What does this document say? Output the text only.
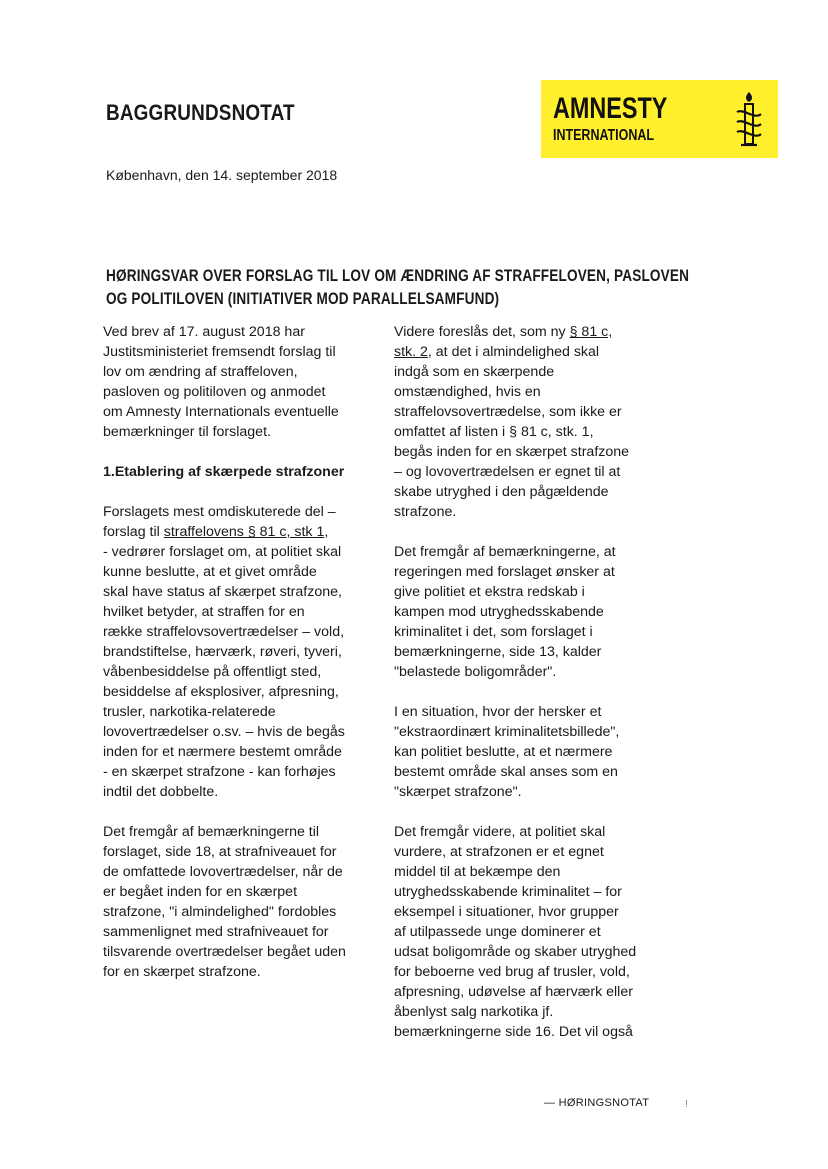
BAGGRUNDSNOTAT	AMNESTY
INTERNATIONAL
København, den 14. september 2018
HØRINGSVAR OVER FORSLAG TIL LOV OM ÆNDRING AF STRAFFELOVEN, PASLOVEN
OG POLITILOVEN (INITIATIVER MOD PARALLELSAMFUND)

Ved brev af 17. august 2018 har
Justitsministeriet fremsendt forslag til
lov om ændring af straffeloven,
pasloven og politiloven og anmodet
om Amnesty Internationals eventuelle
bemærkninger til forslaget.

1.Etablering af skærpede strafzoner

Forslagets mest omdiskuterede del –
forslag til straffelovens § 81 c, stk 1,
- vedrører forslaget om, at politiet skal
kunne beslutte, at et givet område
skal have status af skærpet strafzone,
hvilket betyder, at straffen for en
række straffelovsovertrædelser – vold,
brandstiftelse, hærværk, røveri, tyveri,
våbenbesiddelse på offentligt sted,
besiddelse af eksplosiver, afpresning,
trusler, narkotika-relaterede
lovovertrædelser o.sv. – hvis de begås
inden for et nærmere bestemt område
- en skærpet strafzone - kan forhøjes
indtil det dobbelte.

Det fremgår af bemærkningerne til
forslaget, side 18, at strafniveauet for
de omfattede lovovertrædelser, når de
er begået inden for en skærpet
strafzone, "i almindelighed" fordobles
sammenlignet med strafniveauet for
tilsvarende overtrædelser begået uden
for en skærpet strafzone.

Videre foreslås det, som ny § 81 c,
stk. 2, at det i almindelighed skal
indgå som en skærpende
omstændighed, hvis en
straffelovsovertrædelse, som ikke er
omfattet af listen i § 81 c, stk. 1,
begås inden for en skærpet strafzone
– og lovovertrædelsen er egnet til at
skabe utryghed i den pågældende
strafzone.

Det fremgår af bemærkningerne, at
regeringen med forslaget ønsker at
give politiet et ekstra redskab i
kampen mod utryghedsskabende
kriminalitet i det, som forslaget i
bemærkningerne, side 13, kalder
"belastede boligområder".

I en situation, hvor der hersker et
"ekstraordinært kriminalitetsbillede",
kan politiet beslutte, at et nærmere
bestemt område skal anses som en
"skærpet strafzone".

Det fremgår videre, at politiet skal
vurdere, at strafzonen er et egnet
middel til at bekæmpe den
utryghedsskabende kriminalitet – for
eksempel i situationer, hvor grupper
af utilpassede unge dominerer et
udsat boligområde og skaber utryghed
for beboerne ved brug af trusler, vold,
afpresning, udøvelse af hærværk eller
åbenlyst salg narkotika jf.
bemærkningerne side 16. Det vil også

— HØRINGSNOTAT	!
